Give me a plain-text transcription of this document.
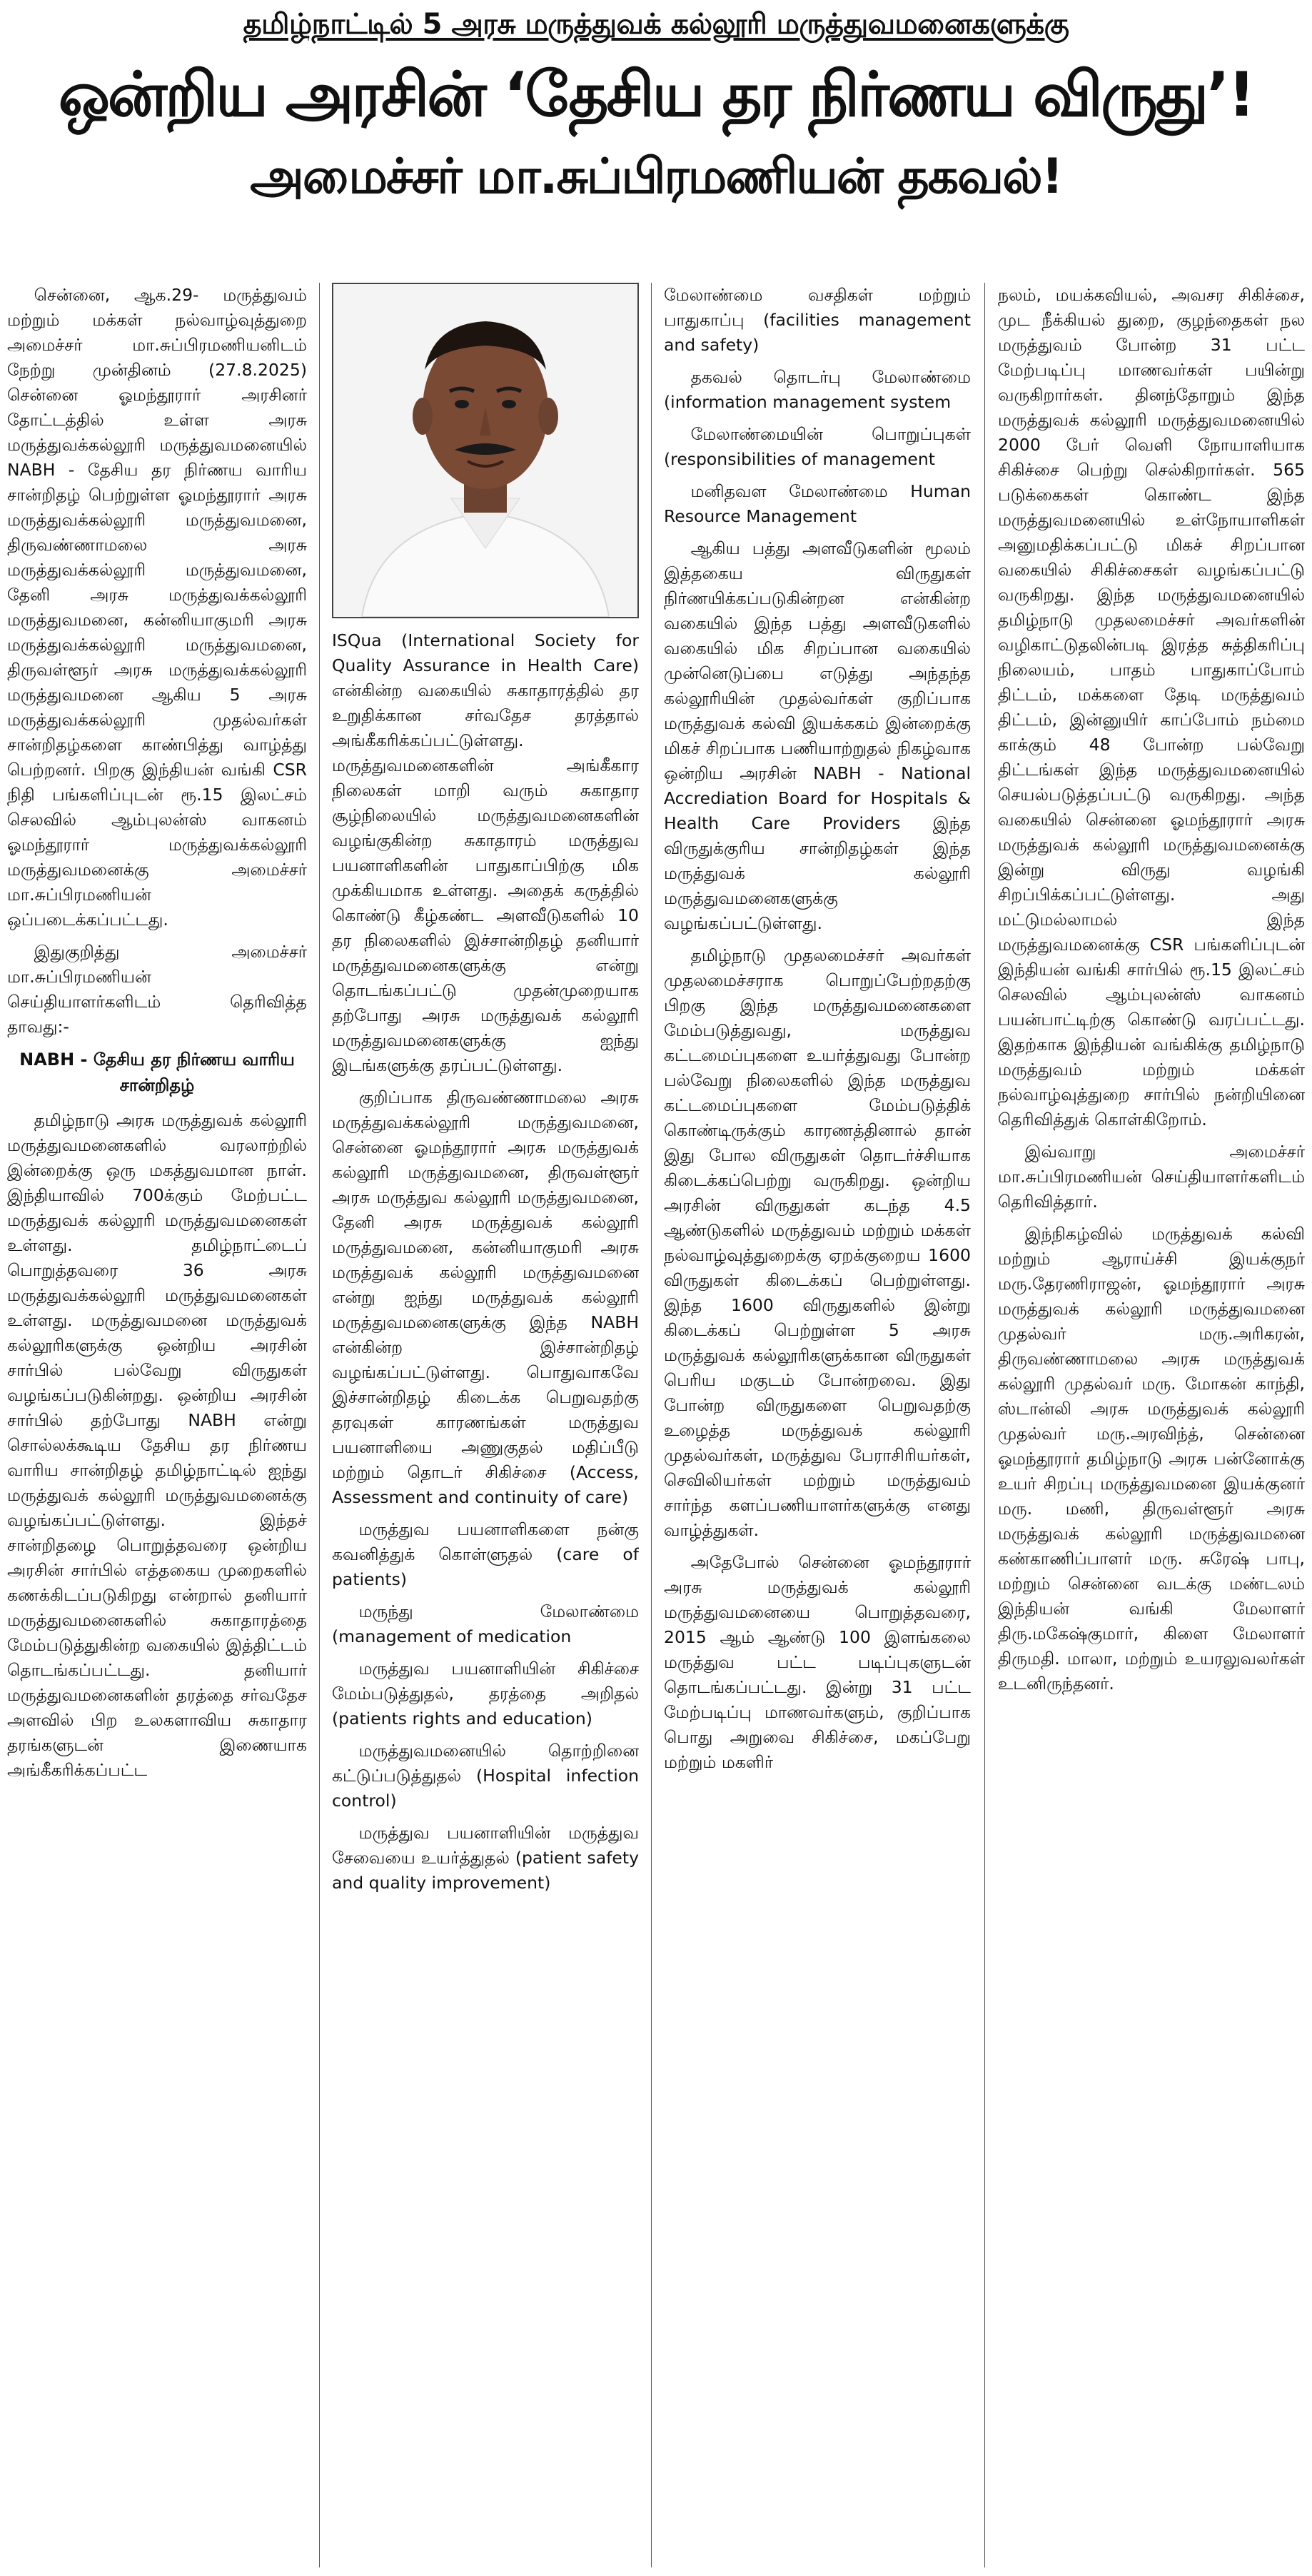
தமிழ்நாட்டில் 5 அரசு மருத்துவக் கல்லூரி மருத்துவமனைகளுக்கு
ஒன்றிய அரசின் ‘தேசிய தர நிர்ணய விருது’!
அமைச்சர் மா.சுப்பிரமணியன் தகவல்!

சென்னை, ஆக.29- மருத்துவம் மற்றும் மக்கள் நல்வாழ்வுத்துறை அமைச்சர் மா.சுப்பிரமணியனிடம் நேற்று முன்தினம் (27.8.2025) சென்னை ஓமந்தூரார் அரசினர் தோட்டத்தில் உள்ள அரசு மருத்துவக்கல்லூரி மருத்துவமனையில் NABH - தேசிய தர நிர்ணய வாரிய சான்றிதழ் பெற்றுள்ள ஓமந்தூரார் அரசு மருத்துவக்கல்லூரி மருத்துவமனை, திருவண்ணாமலை அரசு மருத்துவக்கல்லூரி மருத்துவமனை, தேனி அரசு மருத்துவக்கல்லூரி மருத்துவமனை, கன்னியாகுமரி அரசு மருத்துவக்கல்லூரி மருத்துவமனை, திருவள்ளூர் அரசு மருத்துவக்கல்லூரி மருத்துவமனை ஆகிய 5 அரசு மருத்துவக்கல்லூரி முதல்வர்கள் சான்றிதழ்களை காண்பித்து வாழ்த்து பெற்றனர். பிறகு இந்தியன் வங்கி CSR நிதி பங்களிப்புடன் ரூ.15 இலட்சம் செலவில் ஆம்புலன்ஸ் வாகனம் ஓமந்தூரார் மருத்துவக்கல்லூரி மருத்துவமனைக்கு அமைச்சர் மா.சுப்பிரமணியன் ஒப்படைக்கப்பட்டது.

இதுகுறித்து அமைச்சர் மா.சுப்பிரமணியன் செய்தியாளர்களிடம் தெரிவித்த தாவது:-

NABH - தேசிய தர நிர்ணய வாரிய சான்றிதழ்

தமிழ்நாடு அரசு மருத்துவக் கல்லூரி மருத்துவமனைகளில் வரலாற்றில் இன்றைக்கு ஒரு மகத்துவமான நாள். இந்தியாவில் 700க்கும் மேற்பட்ட மருத்துவக் கல்லூரி மருத்துவமனைகள் உள்ளது. தமிழ்நாட்டைப் பொறுத்தவரை 36 அரசு மருத்துவக்கல்லூரி மருத்துவமனைகள் உள்ளது. மருத்துவமனை மருத்துவக் கல்லூரிகளுக்கு ஒன்றிய அரசின் சார்பில் பல்வேறு விருதுகள் வழங்கப்படுகின்றது. ஒன்றிய அரசின் சார்பில் தற்போது NABH என்று சொல்லக்கூடிய தேசிய தர நிர்ணய வாரிய சான்றிதழ் தமிழ்நாட்டில் ஐந்து மருத்துவக் கல்லூரி மருத்துவமனைக்கு வழங்கப்பட்டுள்ளது. இந்தச் சான்றிதழை பொறுத்தவரை ஒன்றிய அரசின் சார்பில் எத்தகைய முறைகளில் கணக்கிடப்படுகிறது என்றால் தனியார் மருத்துவமனைகளில் சுகாதாரத்தை மேம்படுத்துகின்ற வகையில் இத்திட்டம் தொடங்கப்பட்டது. தனியார் மருத்துவமனைகளின் தரத்தை சர்வதேச அளவில் பிற உலகளாவிய சுகாதார தரங்களுடன் இணையாக அங்கீகரிக்கப்பட்ட

ISQua (International Society for Quality Assurance in Health Care) என்கின்ற வகையில் சுகாதாரத்தில் தர உறுதிக்கான சர்வதேச தரத்தால் அங்கீகரிக்கப்பட்டுள்ளது. மருத்துவமனைகளின் அங்கீகார நிலைகள் மாறி வரும் சுகாதார சூழ்நிலையில் மருத்துவமனைகளின் வழங்குகின்ற சுகாதாரம் மருத்துவ பயனாளிகளின் பாதுகாப்பிற்கு மிக முக்கியமாக உள்ளது. அதைக் கருத்தில் கொண்டு கீழ்கண்ட அளவீடுகளில் 10 தர நிலைகளில் இச்சான்றிதழ் தனியார் மருத்துவமனைகளுக்கு என்று தொடங்கப்பட்டு முதன்முறையாக தற்போது அரசு மருத்துவக் கல்லூரி மருத்துவமனைகளுக்கு ஐந்து இடங்களுக்கு தரப்பட்டுள்ளது.

குறிப்பாக திருவண்ணாமலை அரசு மருத்துவக்கல்லூரி மருத்துவமனை, சென்னை ஓமந்தூரார் அரசு மருத்துவக் கல்லூரி மருத்துவமனை, திருவள்ளூர் அரசு மருத்துவ கல்லூரி மருத்துவமனை, தேனி அரசு மருத்துவக் கல்லூரி மருத்துவமனை, கன்னியாகுமரி அரசு மருத்துவக் கல்லூரி மருத்துவமனை என்று ஐந்து மருத்துவக் கல்லூரி மருத்துவமனைகளுக்கு இந்த NABH என்கின்ற இச்சான்றிதழ் வழங்கப்பட்டுள்ளது. பொதுவாகவே இச்சான்றிதழ் கிடைக்க பெறுவதற்கு தரவுகள் காரணங்கள் மருத்துவ பயனாளியை அணுகுதல் மதிப்பீடு மற்றும் தொடர் சிகிச்சை (Access, Assessment and continuity of care)

மருத்துவ பயனாளிகளை நன்கு கவனித்துக் கொள்ளுதல் (care of patients)

மருந்து மேலாண்மை (management of medication

மருத்துவ பயனாளியின் சிகிச்சை மேம்படுத்துதல், தரத்தை அறிதல் (patients rights and education)

மருத்துவமனையில் தொற்றினை கட்டுப்படுத்துதல் (Hospital infection control)

மருத்துவ பயனாளியின் மருத்துவ சேவையை உயர்த்துதல் (patient safety and quality improvement)

மேலாண்மை வசதிகள் மற்றும் பாதுகாப்பு (facilities management and safety)

தகவல் தொடர்பு மேலாண்மை (information management system

மேலாண்மையின் பொறுப்புகள் (responsibilities of management

மனிதவள மேலாண்மை Human Resource Management

ஆகிய பத்து அளவீடுகளின் மூலம் இத்தகைய விருதுகள் நிர்ணயிக்கப்படுகின்றன என்கின்ற வகையில் இந்த பத்து அளவீடுகளில் வகையில் மிக சிறப்பான வகையில் முன்னெடுப்பை எடுத்து அந்தந்த கல்லூரியின் முதல்வர்கள் குறிப்பாக மருத்துவக் கல்வி இயக்ககம் இன்றைக்கு மிகச் சிறப்பாக பணியாற்றுதல் நிகழ்வாக ஒன்றிய அரசின் NABH - National Accrediation Board for Hospitals & Health Care Providers இந்த விருதுக்குரிய சான்றிதழ்கள் இந்த மருத்துவக் கல்லூரி மருத்துவமனைகளுக்கு வழங்கப்பட்டுள்ளது.

தமிழ்நாடு முதலமைச்சர் அவர்கள் முதலமைச்சராக பொறுப்பேற்றதற்கு பிறகு இந்த மருத்துவமனைகளை மேம்படுத்துவது, மருத்துவ கட்டமைப்புகளை உயர்த்துவது போன்ற பல்வேறு நிலைகளில் இந்த மருத்துவ கட்டமைப்புகளை மேம்படுத்திக் கொண்டிருக்கும் காரணத்தினால் தான் இது போல விருதுகள் தொடர்ச்சியாக கிடைக்கப்பெற்று வருகிறது. ஒன்றிய அரசின் விருதுகள் கடந்த 4.5 ஆண்டுகளில் மருத்துவம் மற்றும் மக்கள் நல்வாழ்வுத்துறைக்கு ஏறக்குறைய 1600 விருதுகள் கிடைக்கப் பெற்றுள்ளது. இந்த 1600 விருதுகளில் இன்று கிடைக்கப் பெற்றுள்ள 5 அரசு மருத்துவக் கல்லூரிகளுக்கான விருதுகள் பெரிய மகுடம் போன்றவை. இது போன்ற விருதுகளை பெறுவதற்கு உழைத்த மருத்துவக் கல்லூரி முதல்வர்கள், மருத்துவ பேராசிரியர்கள், செவிலியர்கள் மற்றும் மருத்துவம் சார்ந்த களப்பணியாளர்களுக்கு எனது வாழ்த்துகள்.

அதேபோல் சென்னை ஓமந்தூரார் அரசு மருத்துவக் கல்லூரி மருத்துவமனையை பொறுத்தவரை, 2015 ஆம் ஆண்டு 100 இளங்கலை மருத்துவ பட்ட படிப்புகளுடன் தொடங்கப்பட்டது. இன்று 31 பட்ட மேற்படிப்பு மாணவர்களும், குறிப்பாக பொது அறுவை சிகிச்சை, மகப்பேறு மற்றும் மகளிர்

நலம், மயக்கவியல், அவசர சிகிச்சை, முட நீக்கியல் துறை, குழந்தைகள் நல மருத்துவம் போன்ற 31 பட்ட மேற்படிப்பு மாணவர்கள் பயின்று வருகிறார்கள். தினந்தோறும் இந்த மருத்துவக் கல்லூரி மருத்துவமனையில் 2000 பேர் வெளி நோயாளியாக சிகிச்சை பெற்று செல்கிறார்கள். 565 படுக்கைகள் கொண்ட இந்த மருத்துவமனையில் உள்நோயாளிகள் அனுமதிக்கப்பட்டு மிகச் சிறப்பான வகையில் சிகிச்சைகள் வழங்கப்பட்டு வருகிறது. இந்த மருத்துவமனையில் தமிழ்நாடு முதலமைச்சர் அவர்களின் வழிகாட்டுதலின்படி இரத்த சுத்திகரிப்பு நிலையம், பாதம் பாதுகாப்போம் திட்டம், மக்களை தேடி மருத்துவம் திட்டம், இன்னுயிர் காப்போம் நம்மை காக்கும் 48 போன்ற பல்வேறு திட்டங்கள் இந்த மருத்துவமனையில் செயல்படுத்தப்பட்டு வருகிறது. அந்த வகையில் சென்னை ஓமந்தூரார் அரசு மருத்துவக் கல்லூரி மருத்துவமனைக்கு இன்று விருது வழங்கி சிறப்பிக்கப்பட்டுள்ளது. அது மட்டுமல்லாமல் இந்த மருத்துவமனைக்கு CSR பங்களிப்புடன் இந்தியன் வங்கி சார்பில் ரூ.15 இலட்சம் செலவில் ஆம்புலன்ஸ் வாகனம் பயன்பாட்டிற்கு கொண்டு வரப்பட்டது. இதற்காக இந்தியன் வங்கிக்கு தமிழ்நாடு மருத்துவம் மற்றும் மக்கள் நல்வாழ்வுத்துறை சார்பில் நன்றியினை தெரிவித்துக் கொள்கிறோம்.

இவ்வாறு அமைச்சர் மா.சுப்பிரமணியன் செய்தியாளர்களிடம் தெரிவித்தார்.

இந்நிகழ்வில் மருத்துவக் கல்வி மற்றும் ஆராய்ச்சி இயக்குநர் மரு.தேரணிராஜன், ஓமந்தூரார் அரசு மருத்துவக் கல்லூரி மருத்துவமனை முதல்வர் மரு.அரிகரன், திருவண்ணாமலை அரசு மருத்துவக் கல்லூரி முதல்வர் மரு. மோகன் காந்தி, ஸ்டான்லி அரசு மருத்துவக் கல்லூரி முதல்வர் மரு.அரவிந்த், சென்னை ஓமந்தூரார் தமிழ்நாடு அரசு பன்னோக்கு உயர் சிறப்பு மருத்துவமனை இயக்குனர் மரு. மணி, திருவள்ளூர் அரசு மருத்துவக் கல்லூரி மருத்துவமனை கண்காணிப்பாளர் மரு. சுரேஷ் பாபு, மற்றும் சென்னை வடக்கு மண்டலம் இந்தியன் வங்கி மேலாளர் திரு.மகேஷ்குமார், கிளை மேலாளர் திருமதி. மாலா, மற்றும் உயரலுவலர்கள் உடனிருந்தனர்.
